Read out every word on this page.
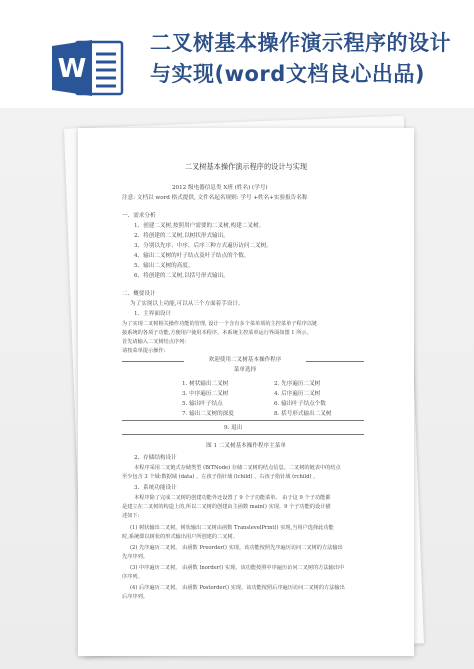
W
二叉树基本操作演示程序的设计与实现(word文档良心出品)
二叉树基本操作演示程序的设计与实现
2012 级电器信息类 X班 (姓名) (学号)
注意: 文档以 word 格式提供, 文件名起名规则: 学号 +姓名+实验报告名称
一、需求分析
1、创建二叉树,按照用户需要的二叉树,构建二叉树。
2、将创建的二叉树,以树状形式输出。
3、分别以先序、中序、后序三种方式遍历访问二叉树。
4、输出二叉树的叶子结点及叶子结点的个数。
5、输出二叉树的高度。
6、将创建的二叉树,以括号形式输出。
二、概要设计
为了实现以上功能,可以从三个方面着手设计。
1、主界面设计
为了实现二叉树相关操作功能的管理, 设计一个含有多个菜单项的主控菜单子程序以链
接系统的各项子功能,方便用户使用本程序。本系统主控菜单运行界面如图 1 所示。
首先请输入二叉树结点序列:
请按菜单提示操作:
欢迎使用二叉树基本操作程序
菜单选择
1. 树状输出二叉树	2. 先序遍历二叉树
3. 中序遍历二叉树	4. 后序遍历二叉树
5. 输出叶子结点	6. 输出叶子结点个数
7. 输出二叉树的深度	8. 括号形式输出二叉树
9. 退出
图 1 二叉树基本操作程序主菜单
2、存储结构设计
本程序采用二叉链式存储类型 (BiTNode) 存储二叉树的结点信息。二叉树的链表中的结点
至少包含 3 个域:数据域 (data) 、左孩子指针域 (lchild) 、右孩子指针域 (rchild) 。
3、系统功能设计
本程序除了完成二叉树的创建功能外还设置了 9 个子功能菜单。 由于这 9 个子功能都
是建立在二叉树的构造上的,所以二叉树的创建由主函数 main() 实现。9 个子功能的设计描
述如下:
(1) 树状输出二叉树。树状输出二叉树由函数 TranslevelPrint() 实现,当用户选择此功能
时,系统即以树状的形式输出用户所创建的二叉树。
(2) 先序遍历二叉树。 由函数 Preorder() 实现。该功能按照先序遍历访问二叉树的方法输出
先序序列。
(3) 中序遍历二叉树。 由函数 Inorder() 实现。该功能按照中序遍历访问二叉树的方法输出中
序序列。
(4) 后序遍历二叉树。 由函数 Postorder() 实现。该功能按照后序遍历访问二叉树的方法输出
后序序列。
